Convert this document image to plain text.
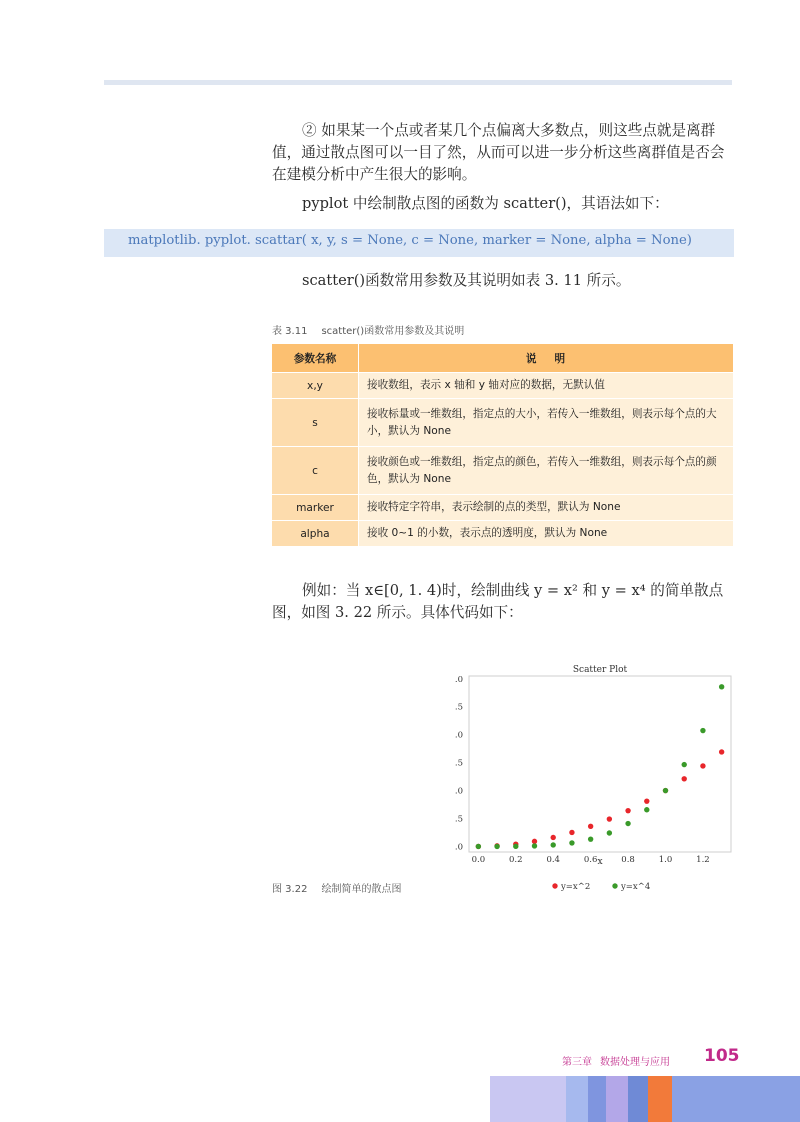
② 如果某一个点或者某几个点偏离大多数点，则这些点就是离群值，通过散点图可以一目了然，从而可以进一步分析这些离群值是否会在建模分析中产生很大的影响。

pyplot 中绘制散点图的函数为 scatter()，其语法如下：

matplotlib. pyplot. scattar( x, y, s = None, c = None, marker = None, alpha = None)

scatter()函数常用参数及其说明如表 3. 11 所示。

表 3.11 scatter()函数常用参数及其说明
参数名称	说明
x,y	接收数组，表示 x 轴和 y 轴对应的数据，无默认值
s	接收标量或一维数组，指定点的大小，若传入一维数组，则表示每个点的大小，默认为 None
c	接收颜色或一维数组，指定点的颜色，若传入一维数组，则表示每个点的颜色，默认为 None
marker	接收特定字符串，表示绘制的点的类型，默认为 None
alpha	接收 0~1 的小数，表示点的透明度，默认为 None

例如：当 x∈[0, 1. 4)时，绘制曲线 y = x² 和 y = x⁴ 的简单散点图，如图 3. 22 所示。具体代码如下：

Scatter Plot
x
0.0	0.2	0.4	0.6	0.8	1.0	1.2
.0
.5
.0
.5
.0
.5
.0
y=x^2	y=x^4
图 3.22 绘制简单的散点图
第三章 数据处理与应用 105
